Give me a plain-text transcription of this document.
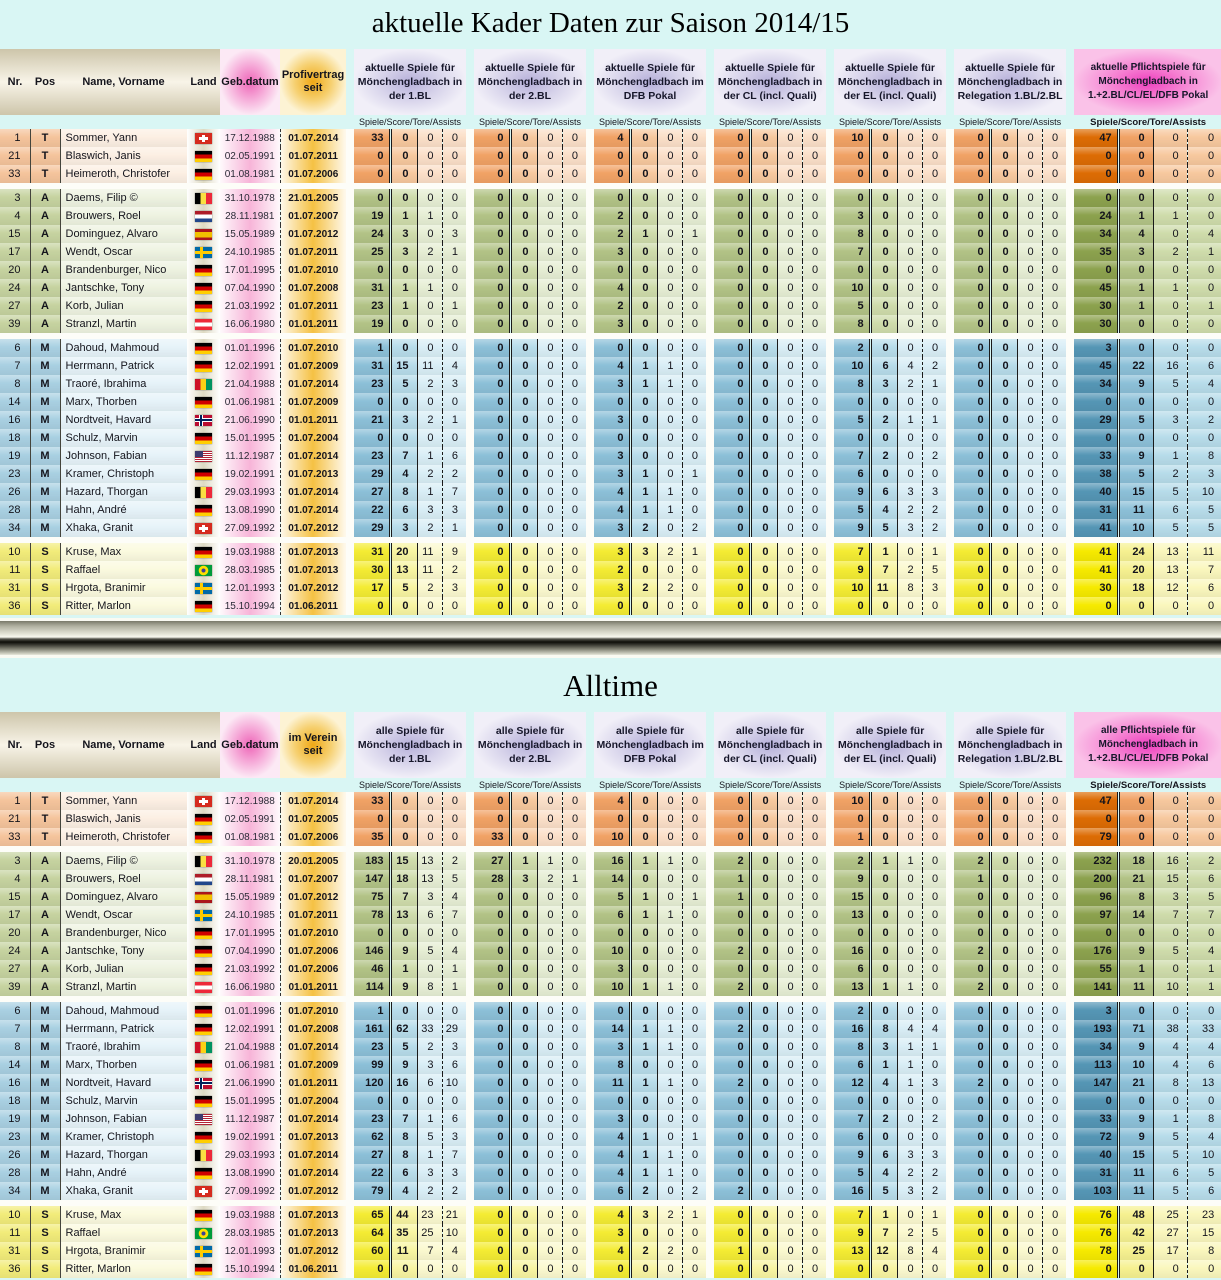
aktuelle Kader Daten zur Saison 2014/15
Nr.	Pos	Name, Vorname	Land	Geb.datum	Profivertrag seit		aktuelle Spiele für Mönchengladbach in der 1.BL					aktuelle Spiele für Mönchengladbach in der 2.BL					aktuelle Spiele für Mönchengladbach im DFB Pokal					aktuelle Spiele für Mönchengladbach in der CL (incl. Quali)					aktuelle Spiele für Mönchengladbach in der EL (incl. Quali)					aktuelle Spiele für Mönchengladbach in Relegation 1.BL/2.BL					aktuelle Pflichtspiele für Mönchengladbach in 1.+2.BL/CL/EL/DFB Pokal			
							Spiele/Score/Tore/Assists					Spiele/Score/Tore/Assists					Spiele/Score/Tore/Assists					Spiele/Score/Tore/Assists					Spiele/Score/Tore/Assists					Spiele/Score/Tore/Assists					Spiele/Score/Tore/Assists			
1	T	Sommer, Yann		17.12.1988	01.07.2014		33	0	0	0		0	0	0	0		4	0	0	0		0	0	0	0		10	0	0	0		0	0	0	0		47	0	0	0
21	T	Blaswich, Janis		02.05.1991	01.07.2011		0	0	0	0		0	0	0	0		0	0	0	0		0	0	0	0		0	0	0	0		0	0	0	0		0	0	0	0
33	T	Heimeroth, Christofer		01.08.1981	01.07.2006		0	0	0	0		0	0	0	0		0	0	0	0		0	0	0	0		0	0	0	0		0	0	0	0		0	0	0	0

3	A	Daems, Filip ©		31.10.1978	21.01.2005		0	0	0	0		0	0	0	0		0	0	0	0		0	0	0	0		0	0	0	0		0	0	0	0		0	0	0	0
4	A	Brouwers, Roel		28.11.1981	01.07.2007		19	1	1	0		0	0	0	0		2	0	0	0		0	0	0	0		3	0	0	0		0	0	0	0		24	1	1	0
15	A	Dominguez, Alvaro		15.05.1989	01.07.2012		24	3	0	3		0	0	0	0		2	1	0	1		0	0	0	0		8	0	0	0		0	0	0	0		34	4	0	4
17	A	Wendt, Oscar		24.10.1985	01.07.2011		25	3	2	1		0	0	0	0		3	0	0	0		0	0	0	0		7	0	0	0		0	0	0	0		35	3	2	1
20	A	Brandenburger, Nico		17.01.1995	01.07.2010		0	0	0	0		0	0	0	0		0	0	0	0		0	0	0	0		0	0	0	0		0	0	0	0		0	0	0	0
24	A	Jantschke, Tony		07.04.1990	01.07.2008		31	1	1	0		0	0	0	0		4	0	0	0		0	0	0	0		10	0	0	0		0	0	0	0		45	1	1	0
27	A	Korb, Julian		21.03.1992	01.07.2011		23	1	0	1		0	0	0	0		2	0	0	0		0	0	0	0		5	0	0	0		0	0	0	0		30	1	0	1
39	A	Stranzl, Martin		16.06.1980	01.01.2011		19	0	0	0		0	0	0	0		3	0	0	0		0	0	0	0		8	0	0	0		0	0	0	0		30	0	0	0

6	M	Dahoud, Mahmoud		01.01.1996	01.07.2010		1	0	0	0		0	0	0	0		0	0	0	0		0	0	0	0		2	0	0	0		0	0	0	0		3	0	0	0
7	M	Herrmann, Patrick		12.02.1991	01.07.2009		31	15	11	4		0	0	0	0		4	1	1	0		0	0	0	0		10	6	4	2		0	0	0	0		45	22	16	6
8	M	Traoré, Ibrahima		21.04.1988	01.07.2014		23	5	2	3		0	0	0	0		3	1	1	0		0	0	0	0		8	3	2	1		0	0	0	0		34	9	5	4
14	M	Marx, Thorben		01.06.1981	01.07.2009		0	0	0	0		0	0	0	0		0	0	0	0		0	0	0	0		0	0	0	0		0	0	0	0		0	0	0	0
16	M	Nordtveit, Havard		21.06.1990	01.01.2011		21	3	2	1		0	0	0	0		3	0	0	0		0	0	0	0		5	2	1	1		0	0	0	0		29	5	3	2
18	M	Schulz, Marvin		15.01.1995	01.07.2004		0	0	0	0		0	0	0	0		0	0	0	0		0	0	0	0		0	0	0	0		0	0	0	0		0	0	0	0
19	M	Johnson, Fabian		11.12.1987	01.07.2014		23	7	1	6		0	0	0	0		3	0	0	0		0	0	0	0		7	2	0	2		0	0	0	0		33	9	1	8
23	M	Kramer, Christoph		19.02.1991	01.07.2013		29	4	2	2		0	0	0	0		3	1	0	1		0	0	0	0		6	0	0	0		0	0	0	0		38	5	2	3
26	M	Hazard, Thorgan		29.03.1993	01.07.2014		27	8	1	7		0	0	0	0		4	1	1	0		0	0	0	0		9	6	3	3		0	0	0	0		40	15	5	10
28	M	Hahn, André		13.08.1990	01.07.2014		22	6	3	3		0	0	0	0		4	1	1	0		0	0	0	0		5	4	2	2		0	0	0	0		31	11	6	5
34	M	Xhaka, Granit		27.09.1992	01.07.2012		29	3	2	1		0	0	0	0		3	2	0	2		0	0	0	0		9	5	3	2		0	0	0	0		41	10	5	5

10	S	Kruse, Max		19.03.1988	01.07.2013		31	20	11	9		0	0	0	0		3	3	2	1		0	0	0	0		7	1	0	1		0	0	0	0		41	24	13	11
11	S	Raffael		28.03.1985	01.07.2013		30	13	11	2		0	0	0	0		2	0	0	0		0	0	0	0		9	7	2	5		0	0	0	0		41	20	13	7
31	S	Hrgota, Branimir		12.01.1993	01.07.2012		17	5	2	3		0	0	0	0		3	2	2	0		0	0	0	0		10	11	8	3		0	0	0	0		30	18	12	6
36	S	Ritter, Marlon		15.10.1994	01.06.2011		0	0	0	0		0	0	0	0		0	0	0	0		0	0	0	0		0	0	0	0		0	0	0	0		0	0	0	0
Alltime
Nr.	Pos	Name, Vorname	Land	Geb.datum	im Verein seit		alle Spiele für Mönchengladbach in der 1.BL					alle Spiele für Mönchengladbach in der 2.BL					alle Spiele für Mönchengladbach im DFB Pokal					alle Spiele für Mönchengladbach in der CL (incl. Quali)					alle Spiele für Mönchengladbach in der EL (incl. Quali)					alle Spiele für Mönchengladbach in Relegation 1.BL/2.BL					alle Pflichtspiele für Mönchengladbach in 1.+2.BL/CL/EL/DFB Pokal			
							Spiele/Score/Tore/Assists					Spiele/Score/Tore/Assists					Spiele/Score/Tore/Assists					Spiele/Score/Tore/Assists					Spiele/Score/Tore/Assists					Spiele/Score/Tore/Assists					Spiele/Score/Tore/Assists			
1	T	Sommer, Yann		17.12.1988	01.07.2014		33	0	0	0		0	0	0	0		4	0	0	0		0	0	0	0		10	0	0	0		0	0	0	0		47	0	0	0
21	T	Blaswich, Janis		02.05.1991	01.07.2005		0	0	0	0		0	0	0	0		0	0	0	0		0	0	0	0		0	0	0	0		0	0	0	0		0	0	0	0
33	T	Heimeroth, Christofer		01.08.1981	01.07.2006		35	0	0	0		33	0	0	0		10	0	0	0		0	0	0	0		1	0	0	0		0	0	0	0		79	0	0	0

3	A	Daems, Filip ©		31.10.1978	20.01.2005		183	15	13	2		27	1	1	0		16	1	1	0		2	0	0	0		2	1	1	0		2	0	0	0		232	18	16	2
4	A	Brouwers, Roel		28.11.1981	01.07.2007		147	18	13	5		28	3	2	1		14	0	0	0		1	0	0	0		9	0	0	0		1	0	0	0		200	21	15	6
15	A	Dominguez, Alvaro		15.05.1989	01.07.2012		75	7	3	4		0	0	0	0		5	1	0	1		1	0	0	0		15	0	0	0		0	0	0	0		96	8	3	5
17	A	Wendt, Oscar		24.10.1985	01.07.2011		78	13	6	7		0	0	0	0		6	1	1	0		0	0	0	0		13	0	0	0		0	0	0	0		97	14	7	7
20	A	Brandenburger, Nico		17.01.1995	01.07.2010		0	0	0	0		0	0	0	0		0	0	0	0		0	0	0	0		0	0	0	0		0	0	0	0		0	0	0	0
24	A	Jantschke, Tony		07.04.1990	01.07.2006		146	9	5	4		0	0	0	0		10	0	0	0		2	0	0	0		16	0	0	0		2	0	0	0		176	9	5	4
27	A	Korb, Julian		21.03.1992	01.07.2006		46	1	0	1		0	0	0	0		3	0	0	0		0	0	0	0		6	0	0	0		0	0	0	0		55	1	0	1
39	A	Stranzl, Martin		16.06.1980	01.01.2011		114	9	8	1		0	0	0	0		10	1	1	0		2	0	0	0		13	1	1	0		2	0	0	0		141	11	10	1

6	M	Dahoud, Mahmoud		01.01.1996	01.07.2010		1	0	0	0		0	0	0	0		0	0	0	0		0	0	0	0		2	0	0	0		0	0	0	0		3	0	0	0
7	M	Herrmann, Patrick		12.02.1991	01.07.2008		161	62	33	29		0	0	0	0		14	1	1	0		2	0	0	0		16	8	4	4		0	0	0	0		193	71	38	33
8	M	Traoré, Ibrahim		21.04.1988	01.07.2014		23	5	2	3		0	0	0	0		3	1	1	0		0	0	0	0		8	3	1	1		0	0	0	0		34	9	4	4
14	M	Marx, Thorben		01.06.1981	01.07.2009		99	9	3	6		0	0	0	0		8	0	0	0		0	0	0	0		6	1	1	0		0	0	0	0		113	10	4	6
16	M	Nordtveit, Havard		21.06.1990	01.01.2011		120	16	6	10		0	0	0	0		11	1	1	0		2	0	0	0		12	4	1	3		2	0	0	0		147	21	8	13
18	M	Schulz, Marvin		15.01.1995	01.07.2004		0	0	0	0		0	0	0	0		0	0	0	0		0	0	0	0		0	0	0	0		0	0	0	0		0	0	0	0
19	M	Johnson, Fabian		11.12.1987	01.07.2014		23	7	1	6		0	0	0	0		3	0	0	0		0	0	0	0		7	2	0	2		0	0	0	0		33	9	1	8
23	M	Kramer, Christoph		19.02.1991	01.07.2013		62	8	5	3		0	0	0	0		4	1	0	1		0	0	0	0		6	0	0	0		0	0	0	0		72	9	5	4
26	M	Hazard, Thorgan		29.03.1993	01.07.2014		27	8	1	7		0	0	0	0		4	1	1	0		0	0	0	0		9	6	3	3		0	0	0	0		40	15	5	10
28	M	Hahn, André		13.08.1990	01.07.2014		22	6	3	3		0	0	0	0		4	1	1	0		0	0	0	0		5	4	2	2		0	0	0	0		31	11	6	5
34	M	Xhaka, Granit		27.09.1992	01.07.2012		79	4	2	2		0	0	0	0		6	2	0	2		2	0	0	0		16	5	3	2		0	0	0	0		103	11	5	6

10	S	Kruse, Max		19.03.1988	01.07.2013		65	44	23	21		0	0	0	0		4	3	2	1		0	0	0	0		7	1	0	1		0	0	0	0		76	48	25	23
11	S	Raffael		28.03.1985	01.07.2013		64	35	25	10		0	0	0	0		3	0	0	0		0	0	0	0		9	7	2	5		0	0	0	0		76	42	27	15
31	S	Hrgota, Branimir		12.01.1993	01.07.2012		60	11	7	4		0	0	0	0		4	2	2	0		1	0	0	0		13	12	8	4		0	0	0	0		78	25	17	8
36	S	Ritter, Marlon		15.10.1994	01.06.2011		0	0	0	0		0	0	0	0		0	0	0	0		0	0	0	0		0	0	0	0		0	0	0	0		0	0	0	0
